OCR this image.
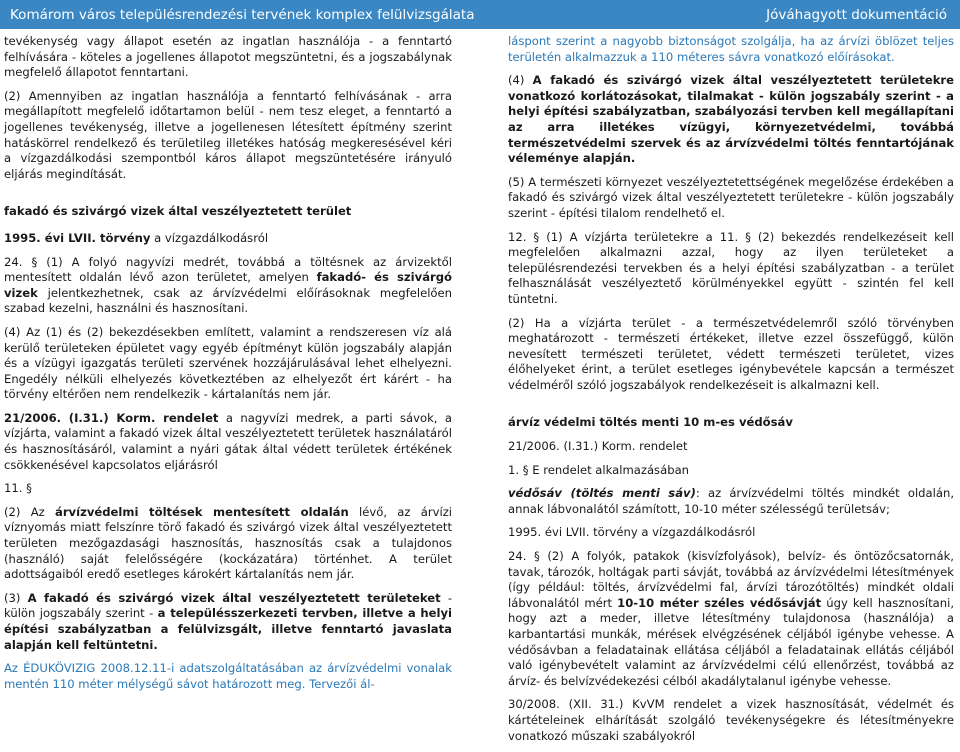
Komárom város településrendezési tervének komplex felülvizsgálata	Jóváhagyott dokumentáció

tevékenység vagy állapot esetén az ingatlan használója - a fenntartó felhívására - köteles a jogellenes állapotot megszüntetni, és a jogszabálynak megfelelő állapotot fenntartani.

(2) Amennyiben az ingatlan használója a fenntartó felhívásának - arra megállapított megfelelő időtartamon belül - nem tesz eleget, a fenntartó a jogellenes tevékenység, illetve a jogellenesen létesített építmény szerint hatáskörrel rendelkező és területileg illetékes hatóság megkeresésével kéri a vízgazdálkodási szempontból káros állapot megszüntetésére irányuló eljárás megindítását.

fakadó és szivárgó vizek által veszélyeztetett terület

1995. évi LVII. törvény a vízgazdálkodásról

24. § (1) A folyó nagyvízi medrét, továbbá a töltésnek az árvizektől mentesített oldalán lévő azon területet, amelyen fakadó- és szivárgó vizek jelentkezhetnek, csak az árvízvédelmi előírásoknak megfelelően szabad kezelni, használni és hasznosítani.

(4) Az (1) és (2) bekezdésekben említett, valamint a rendszeresen víz alá kerülő területeken épületet vagy egyéb építményt külön jogszabály alapján és a vízügyi igazgatás területi szervének hozzájárulásával lehet elhelyezni. Engedély nélküli elhelyezés következtében az elhelyezőt ért kárért - ha törvény eltérően nem rendelkezik - kártalanítás nem jár.

21/2006. (I.31.) Korm. rendelet a nagyvízi medrek, a parti sávok, a vízjárta, valamint a fakadó vizek által veszélyeztetett területek használatáról és hasznosításáról, valamint a nyári gátak által védett területek értékének csökkenésével kapcsolatos eljárásról

11. §

(2) Az árvízvédelmi töltések mentesített oldalán lévő, az árvízi víznyomás miatt felszínre törő fakadó és szivárgó vizek által veszélyeztetett területen mezőgazdasági hasznosítás, hasznosítás csak a tulajdonos (használó) saját felelősségére (kockázatára) történhet. A terület adottságaiból eredő esetleges károkért kártalanítás nem jár.

(3) A fakadó és szivárgó vizek által veszélyeztetett területeket - külön jogszabály szerint - a településszerkezeti tervben, illetve a helyi építési szabályzatban a felülvizsgált, illetve fenntartó javaslata alapján kell feltüntetni.

Az ÉDUKÖVIZIG 2008.12.11-i adatszolgáltatásában az árvízvédelmi vonalak mentén 110 méter mélységű sávot határozott meg. Tervezői ál-

láspont szerint a nagyobb biztonságot szolgálja, ha az árvízi öblözet teljes területén alkalmazzuk a 110 méteres sávra vonatkozó előírásokat.

(4) A fakadó és szivárgó vizek által veszélyeztetett területekre vonatkozó korlátozásokat, tilalmakat - külön jogszabály szerint - a helyi építési szabályzatban, szabályozási tervben kell megállapítani az arra illetékes vízügyi, környezetvédelmi, továbbá természetvédelmi szervek és az árvízvédelmi töltés fenntartójának véleménye alapján.

(5) A természeti környezet veszélyeztetettségének megelőzése érdekében a fakadó és szivárgó vizek által veszélyeztetett területekre - külön jogszabály szerint - építési tilalom rendelhető el.

12. § (1) A vízjárta területekre a 11. § (2) bekezdés rendelkezéseit kell megfelelően alkalmazni azzal, hogy az ilyen területeket a településrendezési tervekben és a helyi építési szabályzatban - a terület felhasználását veszélyeztető körülményekkel együtt - szintén fel kell tüntetni.

(2) Ha a vízjárta terület - a természetvédelemről szóló törvényben meghatározott - természeti értékeket, illetve ezzel összefüggő, külön nevesített természeti területet, védett természeti területet, vizes élőhelyeket érint, a terület esetleges igénybevétele kapcsán a természet védelméről szóló jogszabályok rendelkezéseit is alkalmazni kell.

árvíz védelmi töltés menti 10 m-es védősáv

21/2006. (I.31.) Korm. rendelet

1. § E rendelet alkalmazásában

védősáv (töltés menti sáv): az árvízvédelmi töltés mindkét oldalán, annak lábvonalától számított, 10-10 méter szélességű területsáv;

1995. évi LVII. törvény a vízgazdálkodásról

24. § (2) A folyók, patakok (kisvízfolyások), belvíz- és öntözőcsatornák, tavak, tározók, holtágak parti sávját, továbbá az árvízvédelmi létesítmények (így például: töltés, árvízvédelmi fal, árvízi tározótöltés) mindkét oldali lábvonalától mért 10-10 méter széles védősávját úgy kell hasznosítani, hogy azt a meder, illetve létesítmény tulajdonosa (használója) a karbantartási munkák, mérések elvégzésének céljából igénybe vehesse. A védősávban a feladatainak ellátása céljából a feladatainak ellátás céljából való igénybevételt valamint az árvízvédelmi célú ellenőrzést, továbbá az árvíz- és belvízvédekezési célból akadálytalanul igénybe vehesse.

30/2008. (XII. 31.) KvVM rendelet a vizek hasznosítását, védelmét és kártételeinek elhárítását szolgáló tevékenységekre és létesítményekre vonatkozó műszaki szabályokról
